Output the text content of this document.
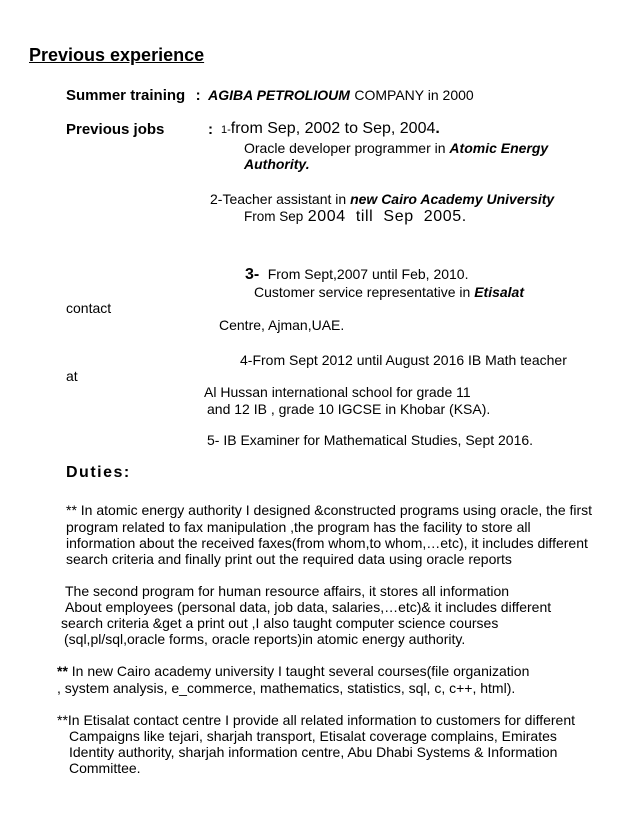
Previous experience
Summer training : AGIBA PETROLIOUM COMPANY in 2000
Previous jobs	: 1-from Sep, 2002 to Sep, 2004.
Oracle developer programmer in Atomic Energy
Authority.
2-Teacher assistant in new Cairo Academy University
From Sep 2004  till  Sep  2005.
3- From Sept,2007 until Feb, 2010.
Customer service representative in Etisalat
contact
Centre, Ajman,UAE.
4-From Sept 2012 until August 2016 IB Math teacher
at
Al Hussan international school for grade 11
and 12 IB , grade 10 IGCSE in Khobar (KSA).
5- IB Examiner for Mathematical Studies, Sept 2016.
Duties:
** In atomic energy authority I designed &constructed programs using oracle, the first
program related to fax manipulation ,the program has the facility to store all
information about the received faxes(from whom,to whom,…etc), it includes different
search criteria and finally print out the required data using oracle reports
The second program for human resource affairs, it stores all information
About employees (personal data, job data, salaries,…etc)& it includes different
search criteria &get a print out ,I also taught computer science courses
(sql,pl/sql,oracle forms, oracle reports)in atomic energy authority.
** In new Cairo academy university I taught several courses(file organization
, system analysis, e_commerce, mathematics, statistics, sql, c, c++, html).
**In Etisalat contact centre I provide all related information to customers for different
Campaigns like tejari, sharjah transport, Etisalat coverage complains, Emirates
Identity authority, sharjah information centre, Abu Dhabi Systems & Information
Committee.
